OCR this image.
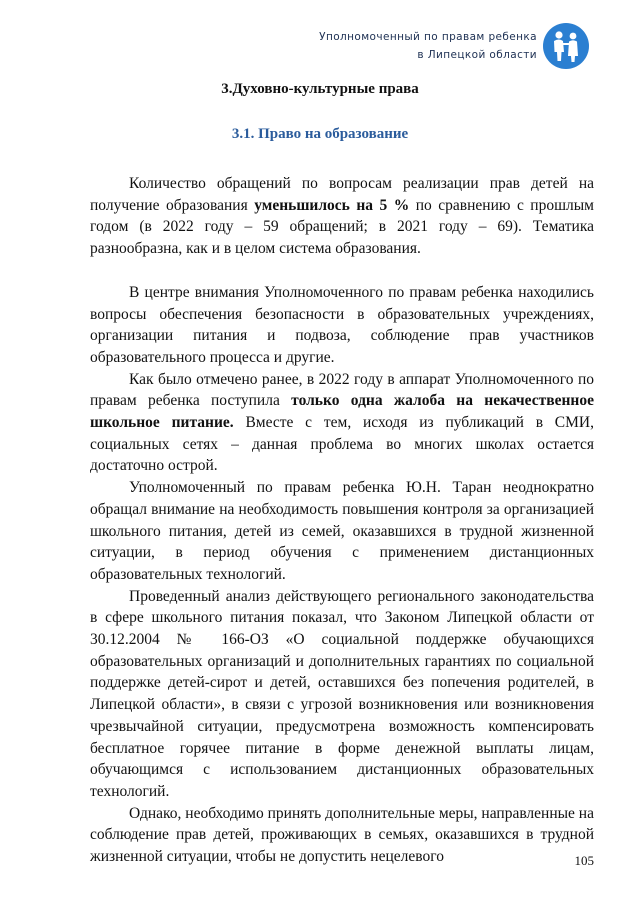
Уполномоченный по правам ребенка
в Липецкой области
3.Духовно-культурные права
3.1. Право на образование

Количество обращений по вопросам реализации прав детей на получение образования уменьшилось на 5 % по сравнению с прошлым годом (в 2022 году – 59 обращений; в 2021 году – 69). Тематика разнообразна, как и в целом система образования.

В центре внимания Уполномоченного по правам ребенка находились вопросы обеспечения безопасности в образовательных учреждениях, организации питания и подвоза, соблюдение прав участников образовательного процесса и другие.

Как было отмечено ранее, в 2022 году в аппарат Уполномоченного по правам ребенка поступила только одна жалоба на некачественное школьное питание. Вместе с тем, исходя из публикаций в СМИ, социальных сетях – данная проблема во многих школах остается достаточно острой.

Уполномоченный по правам ребенка Ю.Н. Таран неоднократно обращал внимание на необходимость повышения контроля за организацией школьного питания, детей из семей, оказавшихся в трудной жизненной ситуации, в период обучения с применением дистанционных образовательных технологий.

Проведенный анализ действующего регионального законодательства в сфере школьного питания показал, что Законом Липецкой области от 30.12.2004 № 166-ОЗ «О социальной поддержке обучающихся образовательных организаций и дополнительных гарантиях по социальной поддержке детей-сирот и детей, оставшихся без попечения родителей, в Липецкой области», в связи с угрозой возникновения или возникновения чрезвычайной ситуации, предусмотрена возможность компенсировать бесплатное горячее питание в форме денежной выплаты лицам, обучающимся с использованием дистанционных образовательных технологий.

Однако, необходимо принять дополнительные меры, направленные на соблюдение прав детей, проживающих в семьях, оказавшихся в трудной жизненной ситуации, чтобы не допустить нецелевого	105
